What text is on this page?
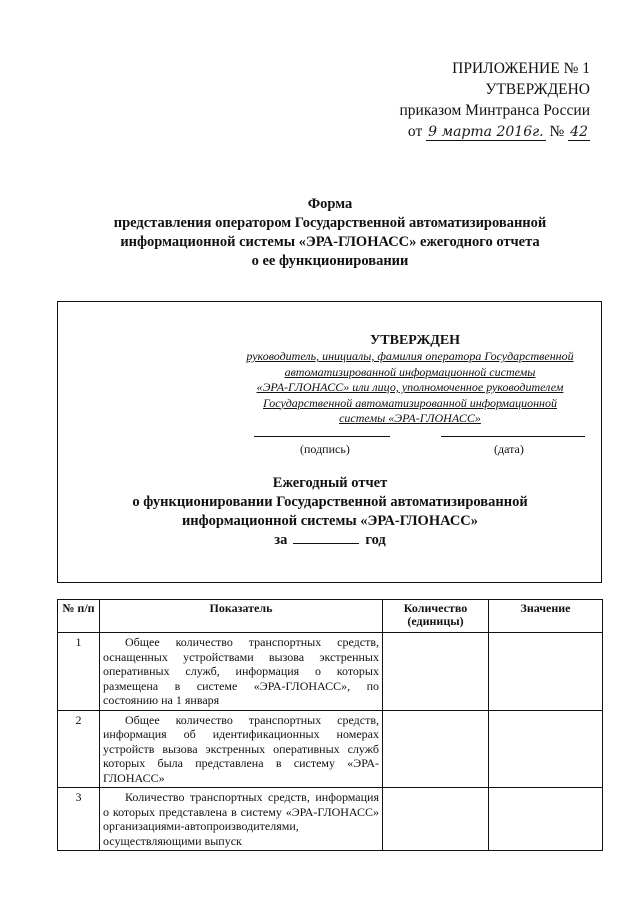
ПРИЛОЖЕНИЕ № 1
УТВЕРЖДЕНО
приказом Минтранса России
от 9 марта 2016г. № 42
Форма
представления оператором Государственной автоматизированной
информационной системы «ЭРА-ГЛОНАСС» ежегодного отчета
о ее функционировании
УТВЕРЖДЕН
руководитель, инициалы, фамилия оператора Государственной
автоматизированной информационной системы
«ЭРА-ГЛОНАСС» или лицо, уполномоченное руководителем
Государственной автоматизированной информационной
системы «ЭРА-ГЛОНАСС»
(подпись)	(дата)
Ежегодный отчет
о функционировании Государственной автоматизированной
информационной системы «ЭРА-ГЛОНАСС»
за	год
№ п/п	Показатель	Количество (единицы)	Значение
1	Общее количество транспортных средств, оснащенных устройствами вызова экстренных оперативных служб, информация о которых размещена в системе «ЭРА-ГЛОНАСС», по состоянию на 1 января		
2	Общее количество транспортных средств, информация об идентификационных номерах устройств вызова экстренных оперативных служб которых была представлена в систему «ЭРА-ГЛОНАСС»		
3	Количество транспортных средств, информация о которых представлена в систему «ЭРА-ГЛОНАСС» организациями-автопроизводителями, осуществляющими выпуск		
